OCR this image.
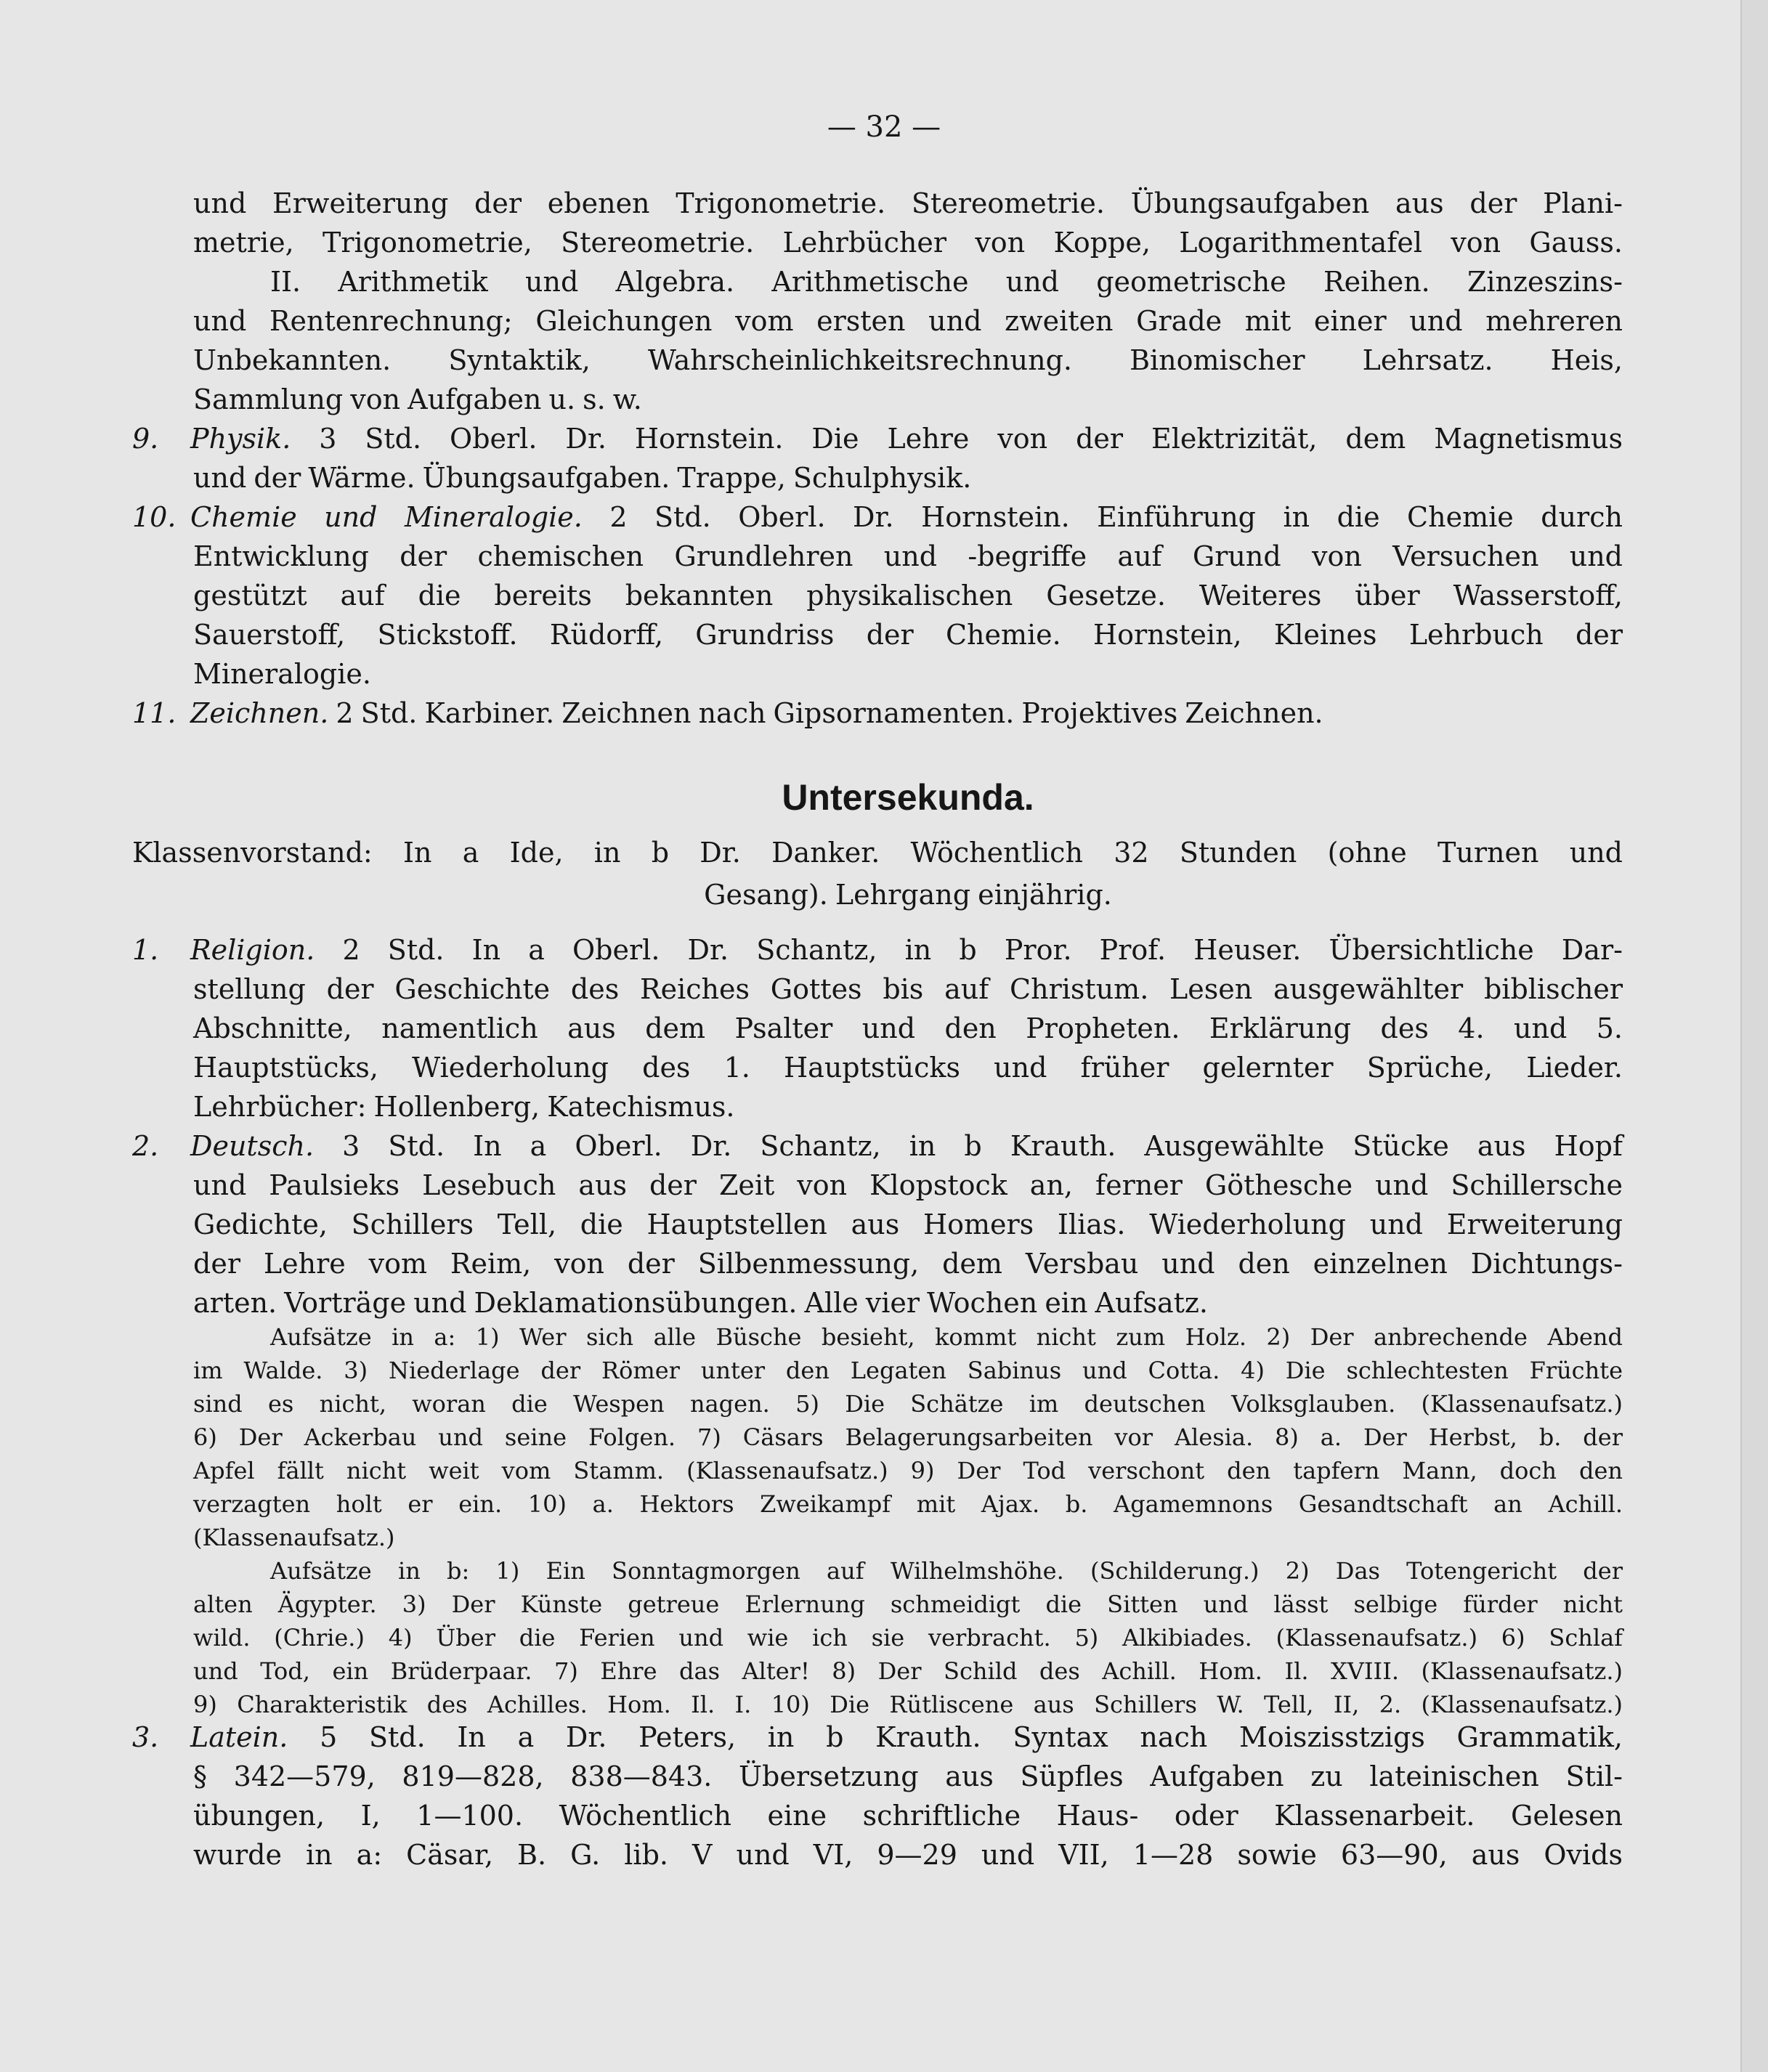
— 32 —
und Erweiterung der ebenen Trigonometrie. Stereometrie. Übungsaufgaben aus der Plani-
metrie, Trigonometrie, Stereometrie. Lehrbücher von Koppe, Logarithmentafel von Gauss.
II. Arithmetik und Algebra. Arithmetische und geometrische Reihen. Zinzeszins-
und Rentenrechnung; Gleichungen vom ersten und zweiten Grade mit einer und mehreren
Unbekannten. Syntaktik, Wahrscheinlichkeitsrechnung. Binomischer Lehrsatz. Heis,
Sammlung von Aufgaben u. s. w.
9. Physik. 3 Std. Oberl. Dr. Hornstein. Die Lehre von der Elektrizität, dem Magnetismus
und der Wärme. Übungsaufgaben. Trappe, Schulphysik.
10. Chemie und Mineralogie. 2 Std. Oberl. Dr. Hornstein. Einführung in die Chemie durch
Entwicklung der chemischen Grundlehren und -begriffe auf Grund von Versuchen und
gestützt auf die bereits bekannten physikalischen Gesetze. Weiteres über Wasserstoff,
Sauerstoff, Stickstoff. Rüdorff, Grundriss der Chemie. Hornstein, Kleines Lehrbuch der
Mineralogie.
11. Zeichnen. 2 Std. Karbiner. Zeichnen nach Gipsornamenten. Projektives Zeichnen.
Untersekunda.
Klassenvorstand: In a Ide, in b Dr. Danker. Wöchentlich 32 Stunden (ohne Turnen und
Gesang). Lehrgang einjährig.
1. Religion. 2 Std. In a Oberl. Dr. Schantz, in b Pror. Prof. Heuser. Übersichtliche Dar-
stellung der Geschichte des Reiches Gottes bis auf Christum. Lesen ausgewählter biblischer
Abschnitte, namentlich aus dem Psalter und den Propheten. Erklärung des 4. und 5.
Hauptstücks, Wiederholung des 1. Hauptstücks und früher gelernter Sprüche, Lieder.
Lehrbücher: Hollenberg, Katechismus.
2. Deutsch. 3 Std. In a Oberl. Dr. Schantz, in b Krauth. Ausgewählte Stücke aus Hopf
und Paulsieks Lesebuch aus der Zeit von Klopstock an, ferner Göthesche und Schillersche
Gedichte, Schillers Tell, die Hauptstellen aus Homers Ilias. Wiederholung und Erweiterung
der Lehre vom Reim, von der Silbenmessung, dem Versbau und den einzelnen Dichtungs-
arten. Vorträge und Deklamationsübungen. Alle vier Wochen ein Aufsatz.
Aufsätze in a: 1) Wer sich alle Büsche besieht, kommt nicht zum Holz. 2) Der anbrechende Abend
im Walde. 3) Niederlage der Römer unter den Legaten Sabinus und Cotta. 4) Die schlechtesten Früchte
sind es nicht, woran die Wespen nagen. 5) Die Schätze im deutschen Volksglauben. (Klassenaufsatz.)
6) Der Ackerbau und seine Folgen. 7) Cäsars Belagerungsarbeiten vor Alesia. 8) a. Der Herbst, b. der
Apfel fällt nicht weit vom Stamm. (Klassenaufsatz.) 9) Der Tod verschont den tapfern Mann, doch den
verzagten holt er ein. 10) a. Hektors Zweikampf mit Ajax. b. Agamemnons Gesandtschaft an Achill.
(Klassenaufsatz.)
Aufsätze in b: 1) Ein Sonntagmorgen auf Wilhelmshöhe. (Schilderung.) 2) Das Totengericht der
alten Ägypter. 3) Der Künste getreue Erlernung schmeidigt die Sitten und lässt selbige fürder nicht
wild. (Chrie.) 4) Über die Ferien und wie ich sie verbracht. 5) Alkibiades. (Klassenaufsatz.) 6) Schlaf
und Tod, ein Brüderpaar. 7) Ehre das Alter! 8) Der Schild des Achill. Hom. Il. XVIII. (Klassenaufsatz.)
9) Charakteristik des Achilles. Hom. Il. I. 10) Die Rütliscene aus Schillers W. Tell, II, 2. (Klassenaufsatz.)
3. Latein. 5 Std. In a Dr. Peters, in b Krauth. Syntax nach Moiszisstzigs Grammatik,
§ 342—579, 819—828, 838—843. Übersetzung aus Süpfles Aufgaben zu lateinischen Stil-
übungen, I, 1—100. Wöchentlich eine schriftliche Haus- oder Klassenarbeit. Gelesen
wurde in a: Cäsar, B. G. lib. V und VI, 9—29 und VII, 1—28 sowie 63—90, aus Ovids
